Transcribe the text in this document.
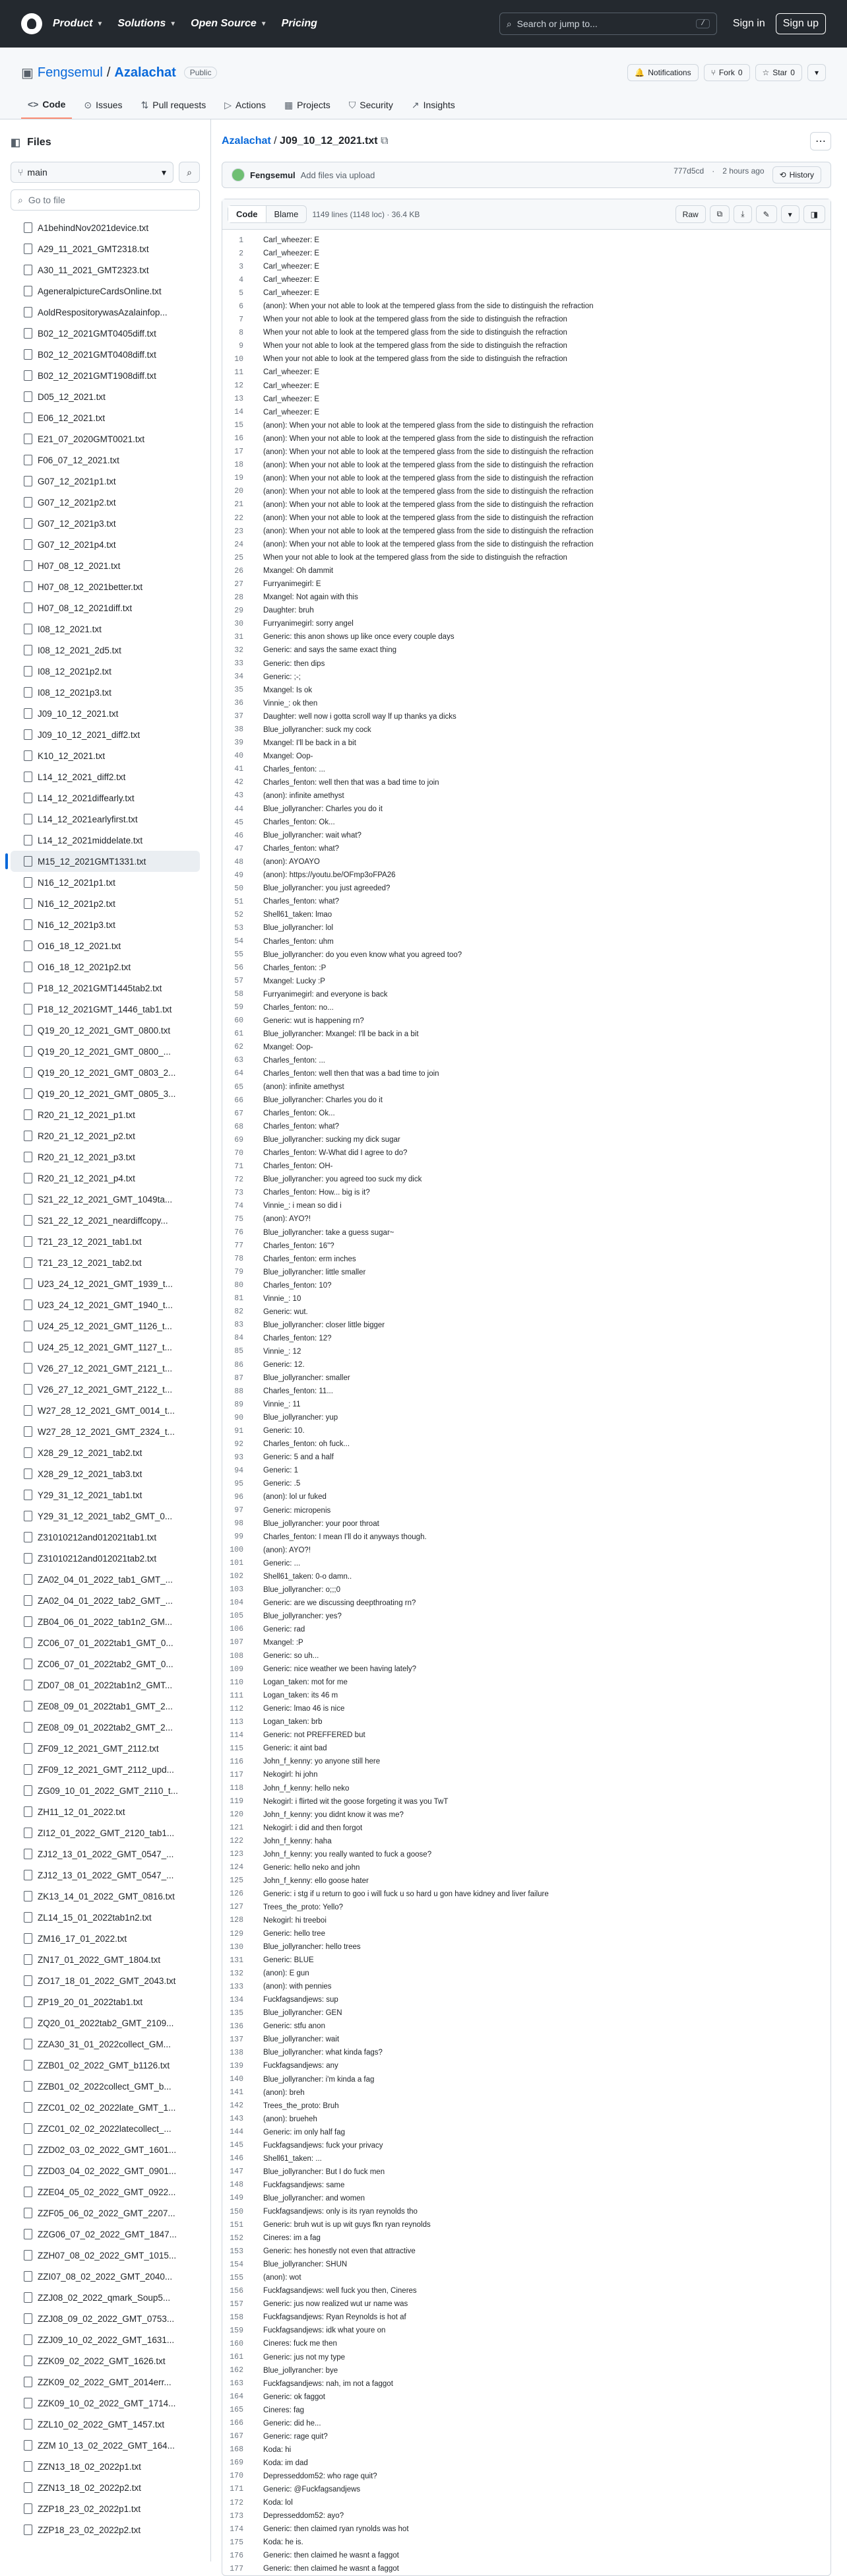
Product ▼ Solutions ▼ Open Source ▼ Pricing	⌕ Search or jump to...	/	Sign in	Sign up
▣ Fengsemul / Azalachat	Public	🔔 Notifications	⑂ Fork 0	☆ Star 0	▾
<> Code ⊙ Issues ⇅ Pull requests ▷ Actions ▦ Projects ⛉ Security ↗ Insights
◧ Files
⑂ main	▾ ⌕
⌕ Go to file
A1behindNov2021device.txt
A29_11_2021_GMT2318.txt
A30_11_2021_GMT2323.txt
AgeneralpictureCardsOnline.txt
AoldRespositorywasAzalainfop...
B02_12_2021GMT0405diff.txt
B02_12_2021GMT0408diff.txt
B02_12_2021GMT1908diff.txt
D05_12_2021.txt
E06_12_2021.txt
E21_07_2020GMT0021.txt
F06_07_12_2021.txt
G07_12_2021p1.txt
G07_12_2021p2.txt
G07_12_2021p3.txt
G07_12_2021p4.txt
H07_08_12_2021.txt
H07_08_12_2021better.txt
H07_08_12_2021diff.txt
I08_12_2021.txt
I08_12_2021_2d5.txt
I08_12_2021p2.txt
I08_12_2021p3.txt
J09_10_12_2021.txt
J09_10_12_2021_diff2.txt
K10_12_2021.txt
L14_12_2021_diff2.txt
L14_12_2021diffearly.txt
L14_12_2021earlyfirst.txt
L14_12_2021middelate.txt
M15_12_2021GMT1331.txt
N16_12_2021p1.txt
N16_12_2021p2.txt
N16_12_2021p3.txt
O16_18_12_2021.txt
O16_18_12_2021p2.txt
P18_12_2021GMT1445tab2.txt
P18_12_2021GMT_1446_tab1.txt
Q19_20_12_2021_GMT_0800.txt
Q19_20_12_2021_GMT_0800_...
Q19_20_12_2021_GMT_0803_2...
Q19_20_12_2021_GMT_0805_3...
R20_21_12_2021_p1.txt
R20_21_12_2021_p2.txt
R20_21_12_2021_p3.txt
R20_21_12_2021_p4.txt
S21_22_12_2021_GMT_1049ta...
S21_22_12_2021_neardiffcopy...
T21_23_12_2021_tab1.txt
T21_23_12_2021_tab2.txt
U23_24_12_2021_GMT_1939_t...
U23_24_12_2021_GMT_1940_t...
U24_25_12_2021_GMT_1126_t...
U24_25_12_2021_GMT_1127_t...
V26_27_12_2021_GMT_2121_t...
V26_27_12_2021_GMT_2122_t...
W27_28_12_2021_GMT_0014_t...
W27_28_12_2021_GMT_2324_t...
X28_29_12_2021_tab2.txt
X28_29_12_2021_tab3.txt
Y29_31_12_2021_tab1.txt
Y29_31_12_2021_tab2_GMT_0...
Z31010212and012021tab1.txt
Z31010212and012021tab2.txt
ZA02_04_01_2022_tab1_GMT_...
ZA02_04_01_2022_tab2_GMT_...
ZB04_06_01_2022_tab1n2_GM...
ZC06_07_01_2022tab1_GMT_0...
ZC06_07_01_2022tab2_GMT_0...
ZD07_08_01_2022tab1n2_GMT...
ZE08_09_01_2022tab1_GMT_2...
ZE08_09_01_2022tab2_GMT_2...
ZF09_12_2021_GMT_2112.txt
ZF09_12_2021_GMT_2112_upd...
ZG09_10_01_2022_GMT_2110_t...
ZH11_12_01_2022.txt
ZI12_01_2022_GMT_2120_tab1...
ZJ12_13_01_2022_GMT_0547_...
ZJ12_13_01_2022_GMT_0547_...
ZK13_14_01_2022_GMT_0816.txt
ZL14_15_01_2022tab1n2.txt
ZM16_17_01_2022.txt
ZN17_01_2022_GMT_1804.txt
ZO17_18_01_2022_GMT_2043.txt
ZP19_20_01_2022tab1.txt
ZQ20_01_2022tab2_GMT_2109...
ZZA30_31_01_2022collect_GM...
ZZB01_02_2022_GMT_b1126.txt
ZZB01_02_2022collect_GMT_b...
ZZC01_02_02_2022late_GMT_1...
ZZC01_02_02_2022latecollect_...
ZZD02_03_02_2022_GMT_1601...
ZZD03_04_02_2022_GMT_0901...
ZZE04_05_02_2022_GMT_0922...
ZZF05_06_02_2022_GMT_2207...
ZZG06_07_02_2022_GMT_1847...
ZZH07_08_02_2022_GMT_1015...
ZZI07_08_02_2022_GMT_2040...
ZZJ08_02_2022_qmark_Soup5...
ZZJ08_09_02_2022_GMT_0753...
ZZJ09_10_02_2022_GMT_1631...
ZZK09_02_2022_GMT_1626.txt
ZZK09_02_2022_GMT_2014err...
ZZK09_10_02_2022_GMT_1714...
ZZL10_02_2022_GMT_1457.txt
ZZM 10_13_02_2022_GMT_164...
ZZN13_18_02_2022p1.txt
ZZN13_18_02_2022p2.txt
ZZP18_23_02_2022p1.txt
ZZP18_23_02_2022p2.txt
Azalachat / J09_10_12_2021.txt ⧉	⋯
Fengsemul Add files via upload	777d5cd · 2 hours ago ⟲ History
Code	Blame	1149 lines (1148 loc) · 36.4 KB	Raw	⧉ ⤓ ✎ ▾ ◨
1	Carl_wheezer: E
2	Carl_wheezer: E
3	Carl_wheezer: E
4	Carl_wheezer: E
5	Carl_wheezer: E
6	(anon): When your not able to look at the tempered glass from the side to distinguish the refraction
7	When your not able to look at the tempered glass from the side to distinguish the refraction
8	When your not able to look at the tempered glass from the side to distinguish the refraction
9	When your not able to look at the tempered glass from the side to distinguish the refraction
10	When your not able to look at the tempered glass from the side to distinguish the refraction
11	Carl_wheezer: E
12	Carl_wheezer: E
13	Carl_wheezer: E
14	Carl_wheezer: E
15	(anon): When your not able to look at the tempered glass from the side to distinguish the refraction
16	(anon): When your not able to look at the tempered glass from the side to distinguish the refraction
17	(anon): When your not able to look at the tempered glass from the side to distinguish the refraction
18	(anon): When your not able to look at the tempered glass from the side to distinguish the refraction
19	(anon): When your not able to look at the tempered glass from the side to distinguish the refraction
20	(anon): When your not able to look at the tempered glass from the side to distinguish the refraction
21	(anon): When your not able to look at the tempered glass from the side to distinguish the refraction
22	(anon): When your not able to look at the tempered glass from the side to distinguish the refraction
23	(anon): When your not able to look at the tempered glass from the side to distinguish the refraction
24	(anon): When your not able to look at the tempered glass from the side to distinguish the refraction
25	When your not able to look at the tempered glass from the side to distinguish the refraction
26	Mxangel: Oh dammit
27	Furryanimegirl: E
28	Mxangel: Not again with this
29	Daughter: bruh
30	Furryanimegirl: sorry angel
31	Generic: this anon shows up like once every couple days
32	Generic: and says the same exact thing
33	Generic: then dips
34	Generic: ;-;
35	Mxangel: Is ok
36	Vinnie_: ok then
37	Daughter: well now i gotta scroll way lf up thanks ya dicks
38	Blue_jollyrancher: suck my cock
39	Mxangel: I'll be back in a bit
40	Mxangel: Oop-
41	Charles_fenton: ...
42	Charles_fenton: well then that was a bad time to join
43	(anon): infinite amethyst
44	Blue_jollyrancher: Charles you do it
45	Charles_fenton: Ok...
46	Blue_jollyrancher: wait what?
47	Charles_fenton: what?
48	(anon): AYOAYO
49	(anon): https://youtu.be/OFmp3oFPA26
50	Blue_jollyrancher: you just agreeded?
51	Charles_fenton: what?
52	Shell61_taken: lmao
53	Blue_jollyrancher: lol
54	Charles_fenton: uhm
55	Blue_jollyrancher: do you even know what you agreed too?
56	Charles_fenton: :P
57	Mxangel: Lucky :P
58	Furryanimegirl: and everyone is back
59	Charles_fenton: no...
60	Generic: wut is happening rn?
61	Blue_jollyrancher: Mxangel: I'll be back in a bit
62	Mxangel: Oop-
63	Charles_fenton: ...
64	Charles_fenton: well then that was a bad time to join
65	(anon): infinite amethyst
66	Blue_jollyrancher: Charles you do it
67	Charles_fenton: Ok...
68	Charles_fenton: what?
69	Blue_jollyrancher: sucking my dick sugar
70	Charles_fenton: W-What did I agree to do?
71	Charles_fenton: OH-
72	Blue_jollyrancher: you agreed too suck my dick
73	Charles_fenton: How... big is it?
74	Vinnie_: i mean so did i
75	(anon): AYO?!
76	Blue_jollyrancher: take a guess sugar~
77	Charles_fenton: 16"?
78	Charles_fenton: erm inches
79	Blue_jollyrancher: little smaller
80	Charles_fenton: 10?
81	Vinnie_: 10
82	Generic: wut.
83	Blue_jollyrancher: closer little bigger
84	Charles_fenton: 12?
85	Vinnie_: 12
86	Generic: 12.
87	Blue_jollyrancher: smaller
88	Charles_fenton: 11...
89	Vinnie_: 11
90	Blue_jollyrancher: yup
91	Generic: 10.
92	Charles_fenton: oh fuck...
93	Generic: 5 and a half
94	Generic: 1
95	Generic: .5
96	(anon): lol ur fuked
97	Generic: micropenis
98	Blue_jollyrancher: your poor throat
99	Charles_fenton: I mean I'll do it anyways though.
100	(anon): AYO?!
101	Generic: ...
102	Shell61_taken: 0-o damn..
103	Blue_jollyrancher: o;;;0
104	Generic: are we discussing deepthroating rn?
105	Blue_jollyrancher: yes?
106	Generic: rad
107	Mxangel: :P
108	Generic: so uh...
109	Generic: nice weather we been having lately?
110	Logan_taken: mot for me
111	Logan_taken: its 46 m
112	Generic: lmao 46 is nice
113	Logan_taken: brb
114	Generic: not PREFFERED but
115	Generic: it aint bad
116	John_f_kenny: yo anyone still here
117	Nekogirl: hi john
118	John_f_kenny: hello neko
119	Nekogirl: i flirted wit the goose forgeting it was you TwT
120	John_f_kenny: you didnt know it was me?
121	Nekogirl: i did and then forgot
122	John_f_kenny: haha
123	John_f_kenny: you really wanted to fuck a goose?
124	Generic: hello neko and john
125	John_f_kenny: ello goose hater
126	Generic: i stg if u return to goo i will fuck u so hard u gon have kidney and liver failure
127	Trees_the_proto: Yello?
128	Nekogirl: hi treeboi
129	Generic: hello tree
130	Blue_jollyrancher: hello trees
131	Generic: BLUE
132	(anon): E gun
133	(anon): with pennies
134	Fuckfagsandjews: sup
135	Blue_jollyrancher: GEN
136	Generic: stfu anon
137	Blue_jollyrancher: wait
138	Blue_jollyrancher: what kinda fags?
139	Fuckfagsandjews: any
140	Blue_jollyrancher: i'm kinda a fag
141	(anon): breh
142	Trees_the_proto: Bruh
143	(anon): brueheh
144	Generic: im only half fag
145	Fuckfagsandjews: fuck your privacy
146	Shell61_taken: ...
147	Blue_jollyrancher: But I do fuck men
148	Fuckfagsandjews: same
149	Blue_jollyrancher: and women
150	Fuckfagsandjews: only is its ryan reynolds tho
151	Generic: bruh wut is up wit guys fkn ryan reynolds
152	Cineres: im a fag
153	Generic: hes honestly not even that attractive
154	Blue_jollyrancher: SHUN
155	(anon): wot
156	Fuckfagsandjews: well fuck you then, Cineres
157	Generic: jus now realized wut ur name was
158	Fuckfagsandjews: Ryan Reynolds is hot af
159	Fuckfagsandjews: idk what youre on
160	Cineres: fuck me then
161	Generic: jus not my type
162	Blue_jollyrancher: bye
163	Fuckfagsandjews: nah, im not a faggot
164	Generic: ok faggot
165	Cineres: fag
166	Generic: did he...
167	Generic: rage quit?
168	Koda: hi
169	Koda: im dad
170	Depresseddom52: who rage quit?
171	Generic: @Fuckfagsandjews
172	Koda: lol
173	Depresseddom52: ayo?
174	Generic: then claimed ryan rynolds was hot
175	Koda: he is.
176	Generic: then claimed he wasnt a faggot
177	Generic: then claimed he wasnt a faggot
